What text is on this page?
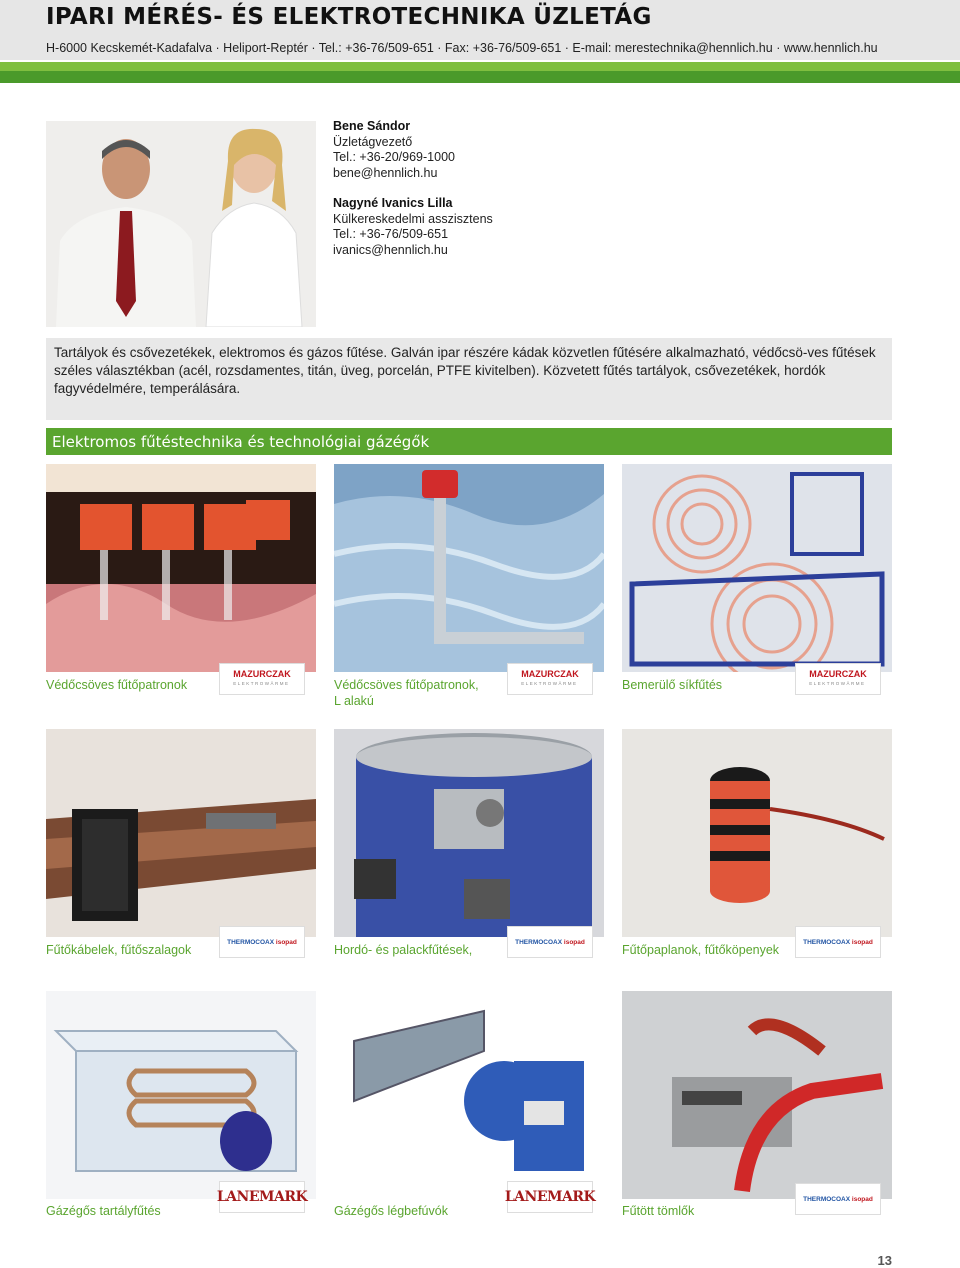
IPARI MÉRÉS- ÉS ELEKTROTECHNIKA ÜZLETÁG
H-6000 Kecskemét-Kadafalva · Heliport-Reptér · Tel.: +36-76/509-651 · Fax: +36-76/509-651 · E-mail: merestechnika@hennlich.hu · www.hennlich.hu
Bene Sándor
Üzletágvezető
Tel.: +36-20/969-1000
bene@hennlich.hu
Nagyné Ivanics Lilla
Külkereskedelmi asszisztens
Tel.: +36-76/509-651
ivanics@hennlich.hu
Tartályok és csővezetékek, elektromos és gázos fűtése. Galván ipar részére kádak közvetlen fűtésére alkalmazható, védőcsö-ves fűtések széles választékban (acél, rozsdamentes, titán, üveg, porcelán, PTFE kivitelben). Közvetett fűtés tartályok, csővezetékek, hordók fagyvédelmére, temperálására.
Elektromos fűtéstechnika és technológiai gázégők
Védőcsöves fűtőpatronok
MAZURCZAK
ELEKTROWÄRME	Védőcsöves fűtőpatronok,
L alakú
MAZURCZAK
ELEKTROWÄRME	Bemerülő síkfűtés
MAZURCZAK
ELEKTROWÄRME
Fűtőkábelek, fűtőszalagok
THERMOCOAX isopad
Hordó- és palackfűtések,
THERMOCOAX isopad
Fűtőpaplanok, fűtőköpenyek
THERMOCOAX isopad
Gázégős tartályfűtés
LANEMARK
Gázégős légbefúvók
LANEMARK
Fűtött tömlők
THERMOCOAX isopad
13
